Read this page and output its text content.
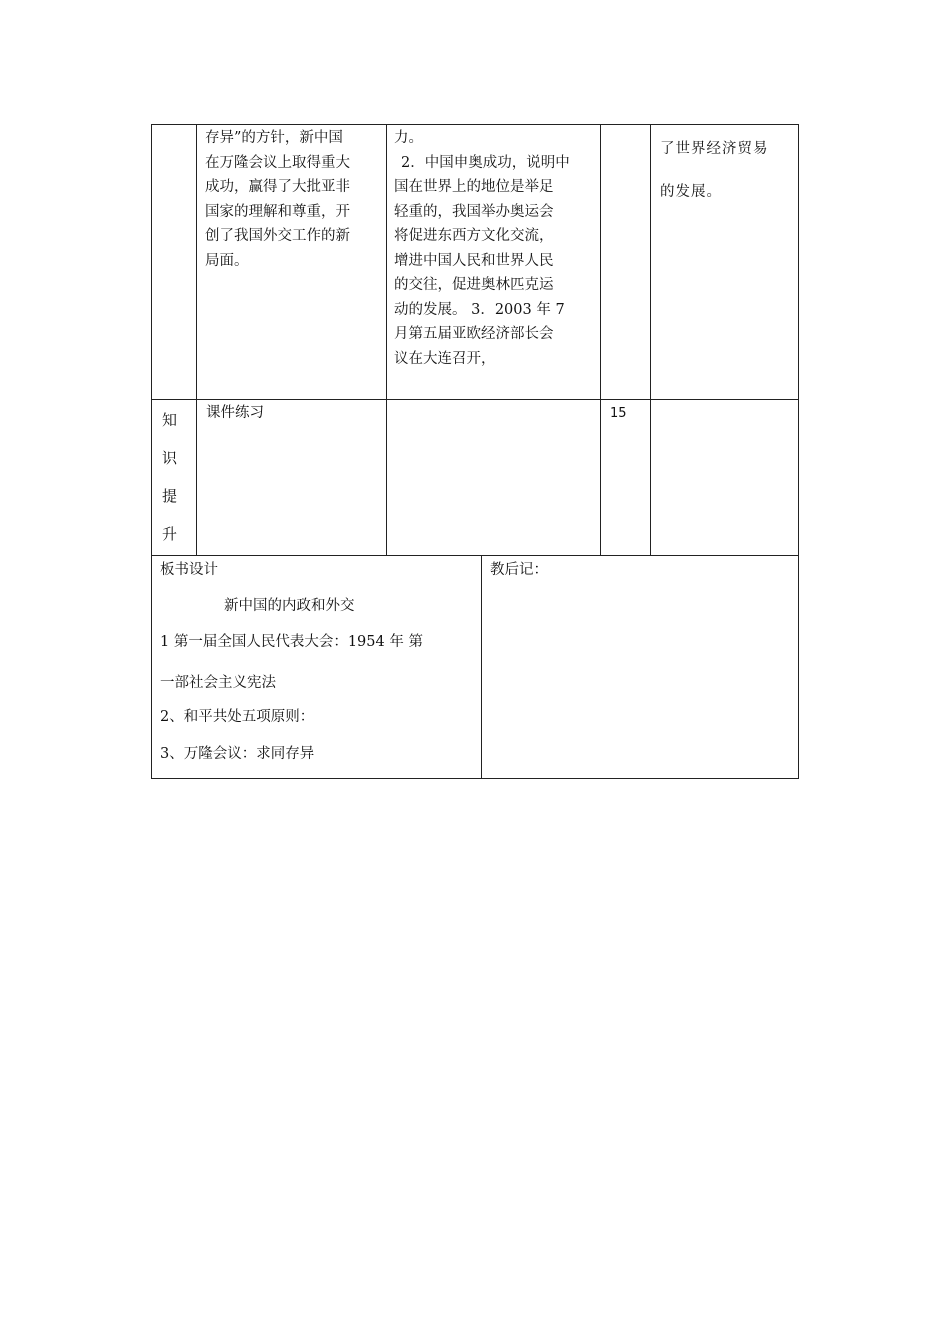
存异”的方针，新中国
在万隆会议上取得重大
成功，赢得了大批亚非
国家的理解和尊重，开
创了我国外交工作的新
局面。
力。
2．中国申奥成功，说明中
国在世界上的地位是举足
轻重的，我国举办奥运会
将促进东西方文化交流，
增进中国人民和世界人民
的交往，促进奥林匹克运
动的发展。 3．2003 年 7
月第五届亚欧经济部长会
议在大连召开，
了世界经济贸易
的发展。
知
识
提
升
课件练习	15
板书设计
新中国的内政和外交
1 第一届全国人民代表大会：1954 年 第
一部社会主义宪法
2、和平共处五项原则：
3、万隆会议：求同存异
教后记：
